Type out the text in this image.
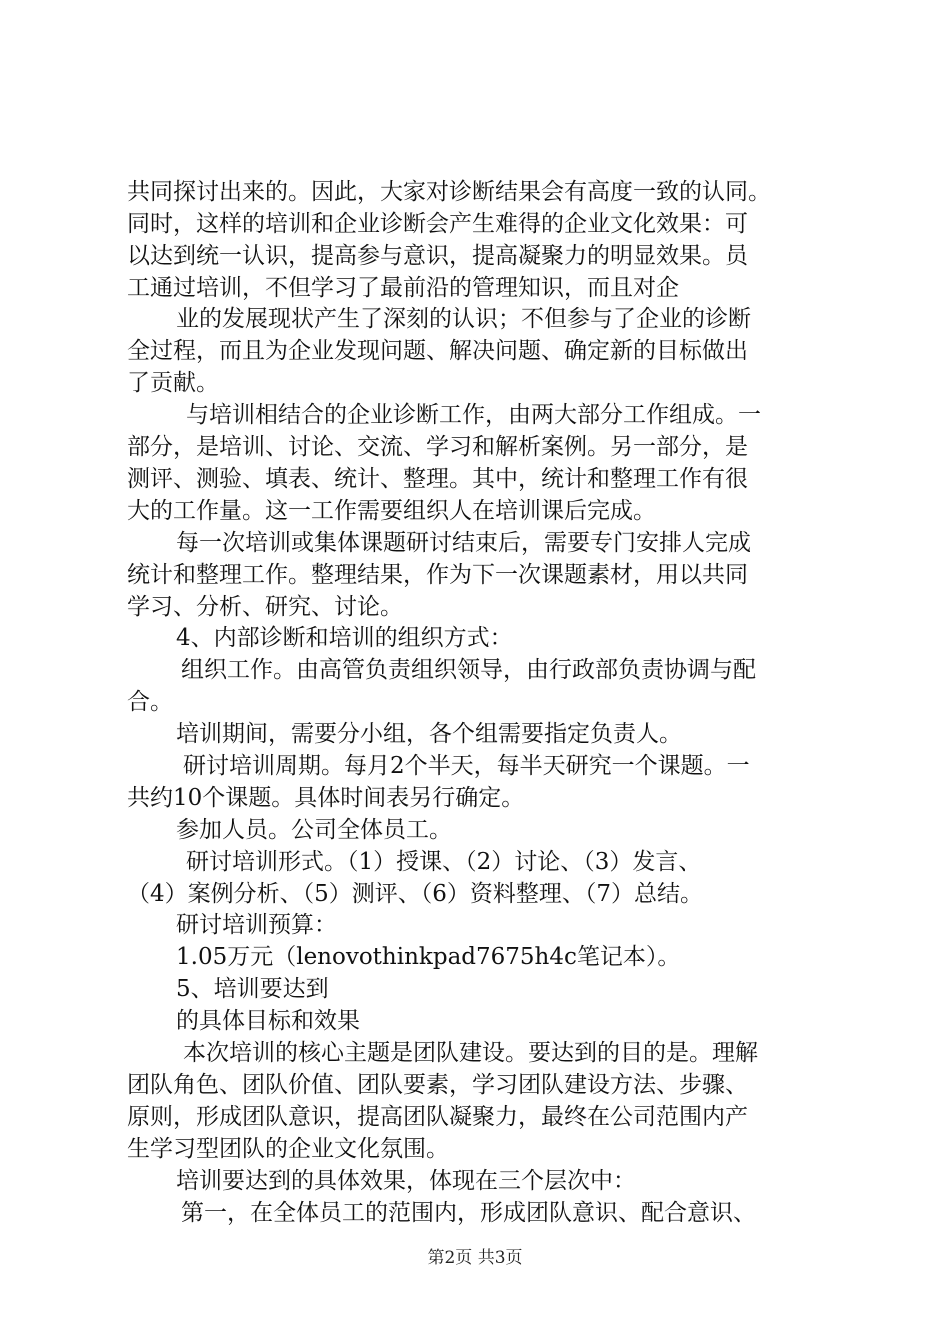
共同探讨出来的。因此，大家对诊断结果会有高度一致的认同。
同时，这样的培训和企业诊断会产生难得的企业文化效果：可
以达到统一认识，提高参与意识，提高凝聚力的明显效果。员
工通过培训，不但学习了最前沿的管理知识，而且对企
业的发展现状产生了深刻的认识；不但参与了企业的诊断
全过程，而且为企业发现问题、解决问题、确定新的目标做出
了贡献。
与培训相结合的企业诊断工作，由两大部分工作组成。一
部分，是培训、讨论、交流、学习和解析案例。另一部分，是
测评、测验、填表、统计、整理。其中，统计和整理工作有很
大的工作量。这一工作需要组织人在培训课后完成。
每一次培训或集体课题研讨结束后，需要专门安排人完成
统计和整理工作。整理结果，作为下一次课题素材，用以共同
学习、分析、研究、讨论。
4、内部诊断和培训的组织方式：
组织工作。由高管负责组织领导，由行政部负责协调与配
合。
培训期间，需要分小组，各个组需要指定负责人。
研讨培训周期。每月2个半天，每半天研究一个课题。一
共约10个课题。具体时间表另行确定。
参加人员。公司全体员工。
研讨培训形式。（1）授课、（2）讨论、（3）发言、
（4）案例分析、（5）测评、（6）资料整理、（7）总结。
研讨培训预算：
1.05万元（lenovothinkpad7675h4c笔记本）。
5、培训要达到
的具体目标和效果
本次培训的核心主题是团队建设。要达到的目的是。理解
团队角色、团队价值、团队要素，学习团队建设方法、步骤、
原则，形成团队意识，提高团队凝聚力，最终在公司范围内产
生学习型团队的企业文化氛围。
培训要达到的具体效果，体现在三个层次中：
第一，在全体员工的范围内，形成团队意识、配合意识、
第2页 共3页
